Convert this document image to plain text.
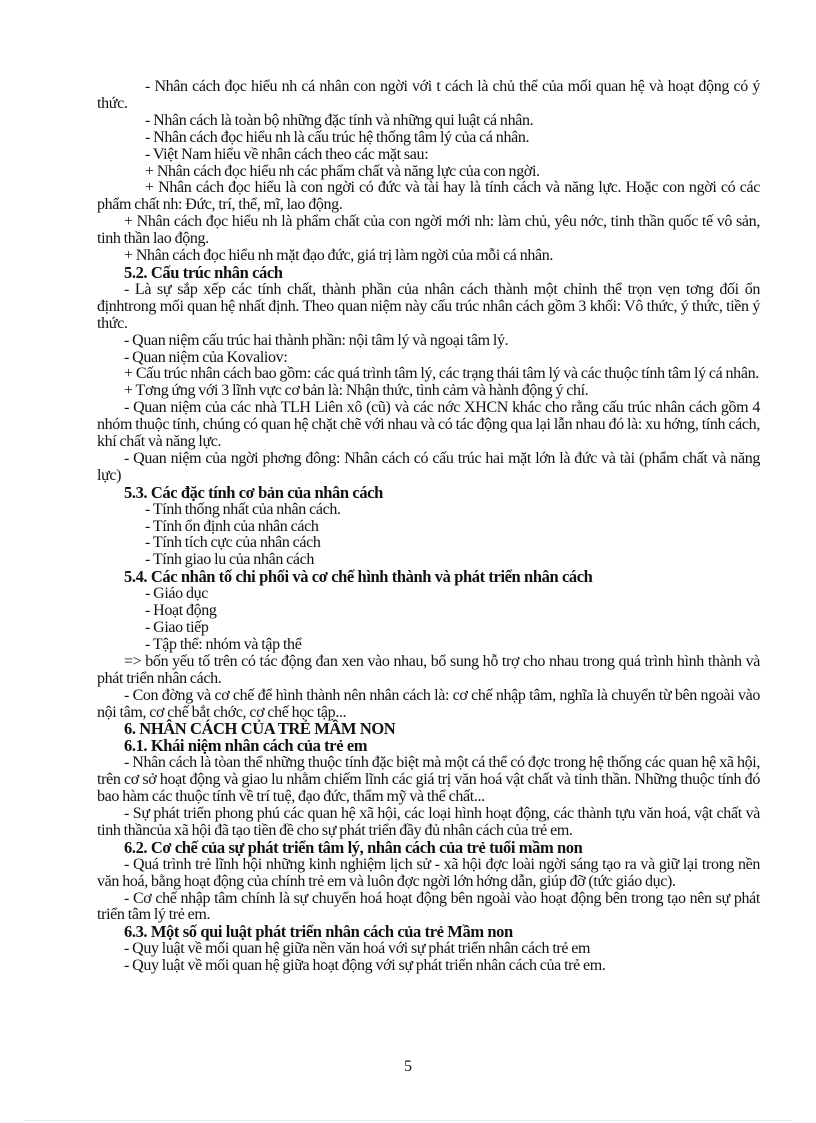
- Nhân cách đọc hiểu nh cá nhân con ngời với t cách là chủ thể của mối quan hệ và hoạt động có ý thức.

- Nhân cách là toàn bộ những đặc tính và những qui luật cá nhân.

- Nhân cách đọc hiểu nh là cấu trúc hệ thống tâm lý của cá nhân.

- Việt Nam hiểu về nhân cách theo các mặt sau:

+ Nhân cách đọc hiểu nh các phẩm chất và năng lực của con ngời.

+ Nhân cách đọc hiểu là con ngời có đức và tài hay là tính cách và năng lực. Hoặc con ngời có các phẩm chất nh: Đức, trí, thể, mĩ, lao động.

+ Nhân cách đọc hiểu nh là phẩm chất của con ngời mới nh: làm chủ, yêu nớc, tinh thần quốc tế vô sản, tinh thần lao động.

+ Nhân cách đọc hiểu nh mặt đạo đức, giá trị làm ngời của mỗi cá nhân.

5.2. Cấu trúc nhân cách

- Là sự sắp xếp các tính chất, thành phần của nhân cách thành một chỉnh thể trọn vẹn tơng đối ổn địnhtrong mối quan hệ nhất định. Theo quan niệm này cấu trúc nhân cách gồm 3 khối: Vô thức, ý thức, tiền ý thức.

- Quan niệm cấu trúc hai thành phần: nội tâm lý và ngoại tâm lý.

- Quan niệm của Kovaliov:

+ Cấu trúc nhân cách bao gồm: các quá trình tâm lý, các trạng thái tâm lý và các thuộc tính tâm lý cá nhân.

+ Tơng ứng với 3 lĩnh vực cơ bản là: Nhận thức, tình cảm và hành động ý chí.

- Quan niệm của các nhà TLH Liên xô (cũ) và các nớc XHCN khác cho rằng cấu trúc nhân cách gồm 4 nhóm thuộc tính, chúng có quan hệ chặt chẽ với nhau và có tác động qua lại lẫn nhau đó là: xu hớng, tính cách, khí chất và năng lực.

- Quan niệm của ngời phơng đông: Nhân cách có cấu trúc hai mặt lớn là đức và tài (phẩm chất và năng lực)

5.3. Các đặc tính cơ bản của nhân cách

- Tính thống nhất của nhân cách.

- Tính ổn định của nhân cách

- Tính tích cực của nhân cách

- Tính giao lu của nhân cách

5.4. Các nhân tố chi phối và cơ chế hình thành và phát triển nhân cách

- Giáo dục

- Hoạt động

- Giao tiếp

- Tập thể: nhóm và tập thể

=> bốn yếu tố trên có tác động đan xen vào nhau, bổ sung hỗ trợ cho nhau trong quá trình hình thành và phát triển nhân cách.

- Con đờng và cơ chế để hình thành nên nhân cách là: cơ chế nhập tâm, nghĩa là chuyển từ bên ngoài vào nội tâm, cơ chế bắt chớc, cơ chế học tập...

6. NHÂN CÁCH CỦA TRẺ MẦM NON

6.1. Khái niệm nhân cách của trẻ em

- Nhân cách là tòan thể những thuộc tính đặc biệt mà một cá thể có đợc trong hệ thống các quan hệ xã hội, trên cơ sở hoạt động và giao lu nhằm chiếm lĩnh các giá trị văn hoá vật chất và tinh thần. Những thuộc tính đó bao hàm các thuộc tính về trí tuệ, đạo đức, thẩm mỹ và thể chất...

- Sự phát triển phong phú các quan hệ xã hội, các loại hình hoạt động, các thành tựu văn hoá, vật chất và tinh thầncủa xã hội đã tạo tiền đề cho sự phát triển đầy đủ nhân cách của trẻ em.

6.2. Cơ chế của sự phát triển tâm lý, nhân cách của trẻ tuổi mầm non

- Quá trình trẻ lĩnh hội những kinh nghiệm lịch sử - xã hội đợc loài ngời sáng tạo ra và giữ lại trong nền văn hoá, bằng hoạt động của chính trẻ em và luôn đợc ngời lớn hớng dẫn, giúp đỡ (tức giáo dục).

- Cơ chế nhập tâm chính là sự chuyển hoá hoạt động bên ngoài vào hoạt động bên trong tạo nên sự phát triển tâm lý trẻ em.

6.3. Một số qui luật phát triển nhân cách của trẻ Mầm non

- Quy luật về mối quan hệ giữa nền văn hoá với sự phát triển nhân cách trẻ em

- Quy luật về mối quan hệ giữa hoạt động với sự phát triển nhân cách của trẻ em.

5
